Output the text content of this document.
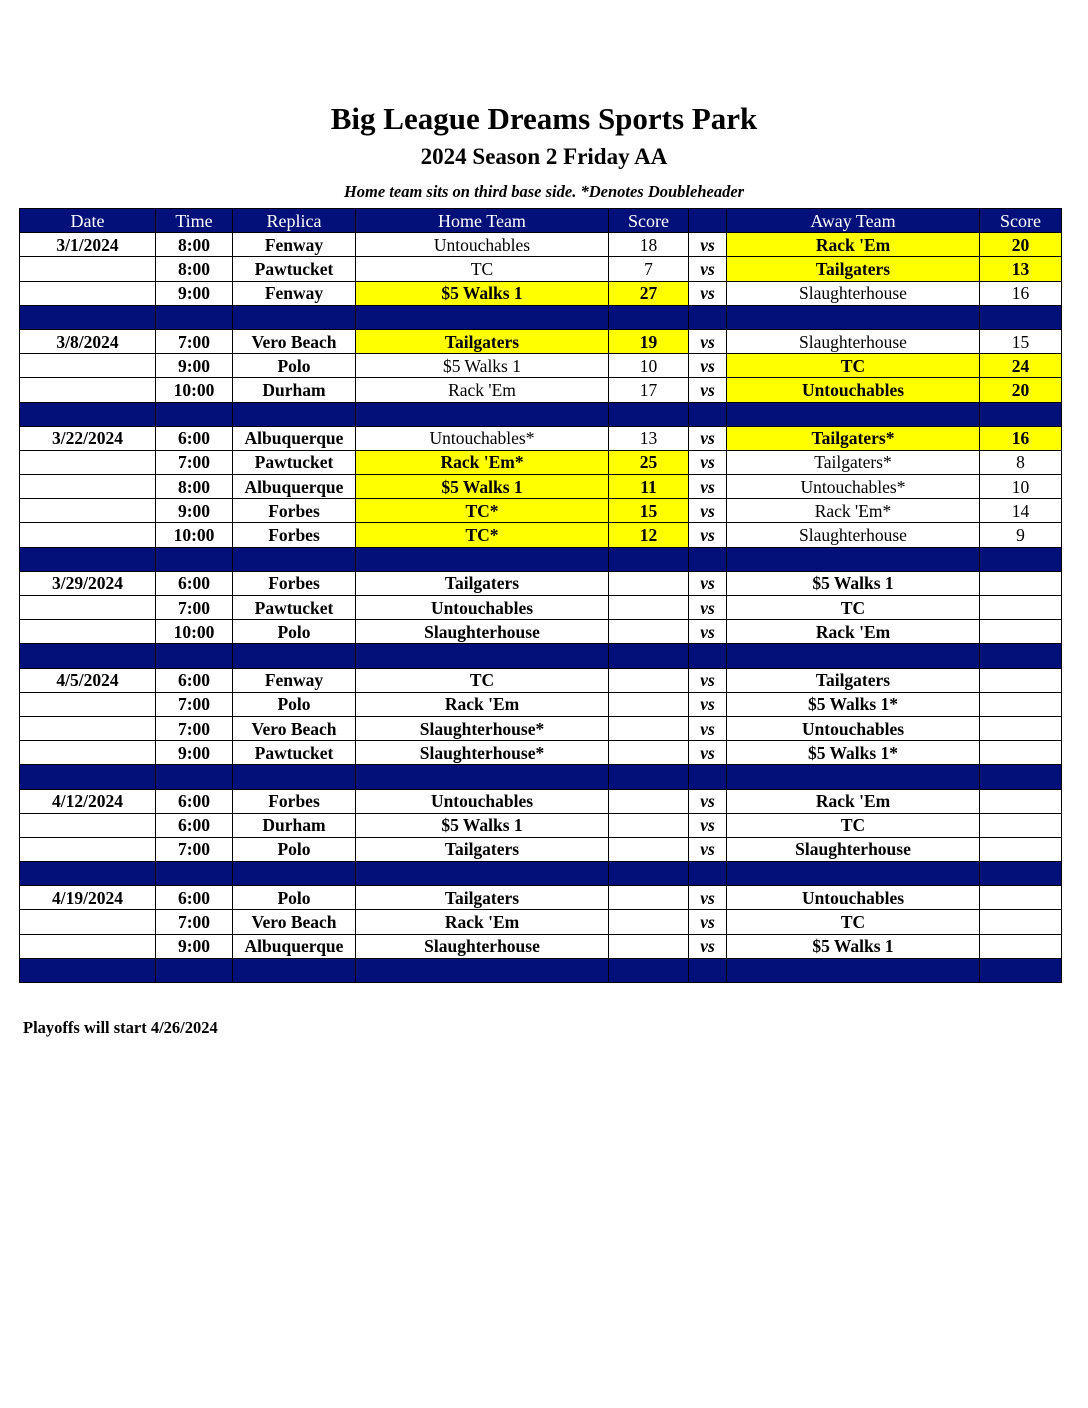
Big League Dreams Sports Park
2024 Season 2 Friday AA
Home team sits on third base side. *Denotes Doubleheader
Date	Time	Replica	Home Team	Score		Away Team	Score
3/1/2024	8:00	Fenway	Untouchables	18	vs	Rack 'Em	20
	8:00	Pawtucket	TC	7	vs	Tailgaters	13
	9:00	Fenway	$5 Walks 1	27	vs	Slaughterhouse	16

3/8/2024	7:00	Vero Beach	Tailgaters	19	vs	Slaughterhouse	15
	9:00	Polo	$5 Walks 1	10	vs	TC	24
	10:00	Durham	Rack 'Em	17	vs	Untouchables	20

3/22/2024	6:00	Albuquerque	Untouchables*	13	vs	Tailgaters*	16
	7:00	Pawtucket	Rack 'Em*	25	vs	Tailgaters*	8
	8:00	Albuquerque	$5 Walks 1	11	vs	Untouchables*	10
	9:00	Forbes	TC*	15	vs	Rack 'Em*	14
	10:00	Forbes	TC*	12	vs	Slaughterhouse	9

3/29/2024	6:00	Forbes	Tailgaters		vs	$5 Walks 1	
	7:00	Pawtucket	Untouchables		vs	TC	
	10:00	Polo	Slaughterhouse		vs	Rack 'Em	

4/5/2024	6:00	Fenway	TC		vs	Tailgaters	
	7:00	Polo	Rack 'Em		vs	$5 Walks 1*	
	7:00	Vero Beach	Slaughterhouse*		vs	Untouchables	
	9:00	Pawtucket	Slaughterhouse*		vs	$5 Walks 1*	

4/12/2024	6:00	Forbes	Untouchables		vs	Rack 'Em	
	6:00	Durham	$5 Walks 1		vs	TC	
	7:00	Polo	Tailgaters		vs	Slaughterhouse	

4/19/2024	6:00	Polo	Tailgaters		vs	Untouchables	
	7:00	Vero Beach	Rack 'Em		vs	TC	
	9:00	Albuquerque	Slaughterhouse		vs	$5 Walks 1	

Playoffs will start 4/26/2024
